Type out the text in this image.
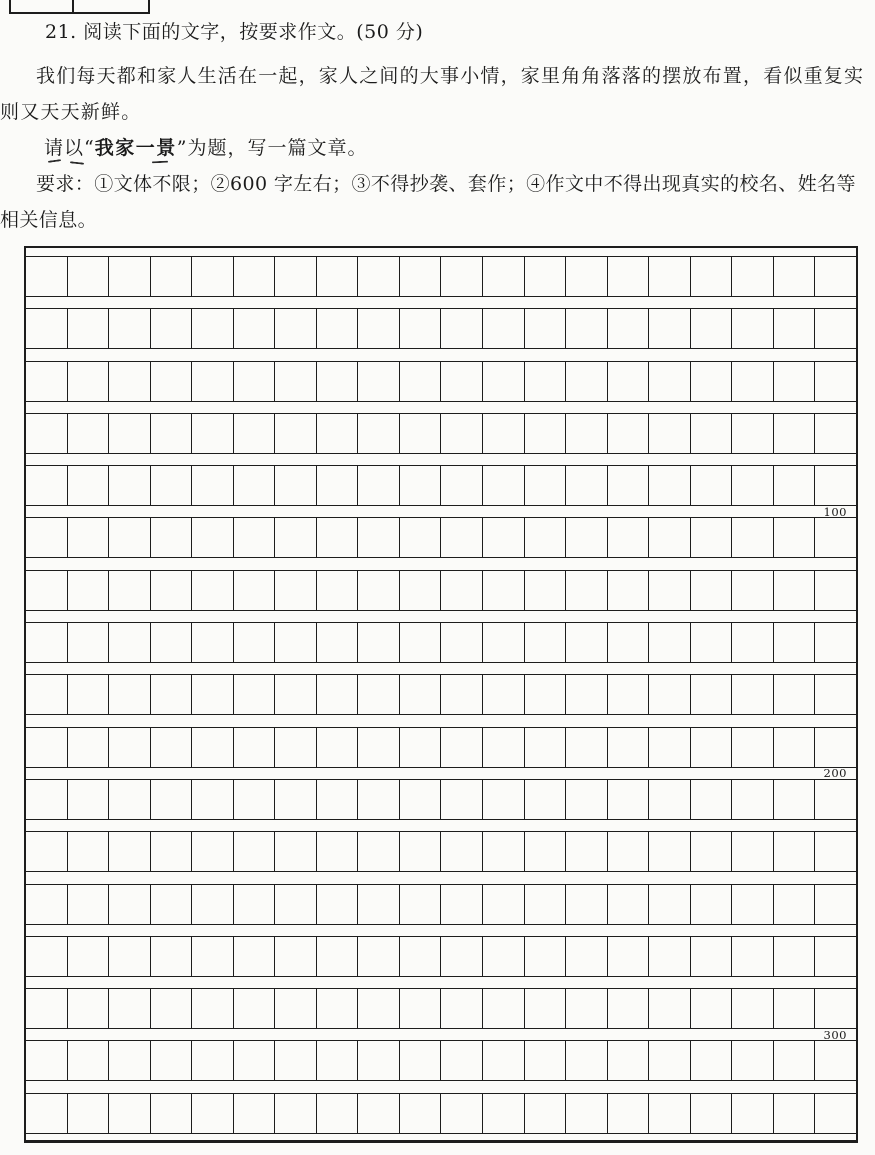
21. 阅读下面的文字，按要求作文。(50 分)
我们每天都和家人生活在一起，家人之间的大事小情，家里角角落落的摆放布置，看似重复实则又天天新鲜。
请以“我家一景”为题，写一篇文章。
要求：①文体不限；②600 字左右；③不得抄袭、套作；④作文中不得出现真实的校名、姓名等相关信息。
100
200
300
